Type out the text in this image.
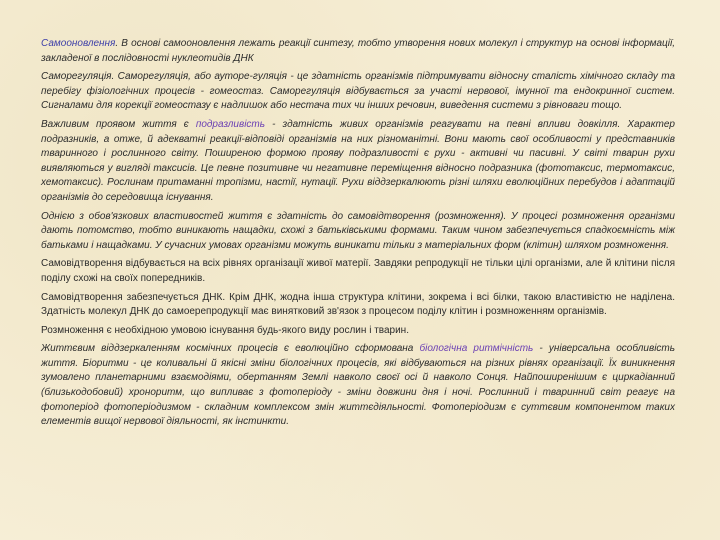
Самооновлення. В основі самооновлення лежать реакції синтезу, тобто утворення нових молекул і структур на основі інформації, закладеної в послідовності нуклеотидів ДНК

Саморегуляція. Саморегуляція, або ауторе-гуляція - це здатність організмів підтримувати відносну сталість хімічного складу та перебігу фізіологічних процесів - гомеостаз. Саморегуляція відбувається за участі нервової, імунної та ендокринної систем. Сигналами для корекції гомеостазу є надлишок або нестача тих чи інших речовин, виведення системи з рівноваги тощо.

Важливим проявом життя є подразливість - здатність живих організмів реагувати на певні впливи довкілля. Характер подразників, а отже, й адекватні реакції-відповіді організмів на них різноманітні. Вони мають свої особливості у представників тваринного і рослинного світу. Поширеною формою прояву подразливості є рухи - активні чи пасивні. У світі тварин рухи виявляються у вигляді таксисів. Це певне позитивне чи негативне переміщення відносно подразника (фототаксис, термотаксис, хемотаксис). Рослинам притаманні тропізми, настії, нутації. Рухи віддзеркалюють різні шляхи еволюційних перебудов і адаптацій організмів до середовища існування.

Однією з обов'язкових властивостей життя є здатність до самовідтворення (розмноження). У процесі розмноження організми дають потомство, тобто виникають нащадки, схожі з батьківськими формами. Таким чином забезпечується спадкоємність між батьками і нащадками. У сучасних умовах організми можуть виникати тільки з матеріальних форм (клітин) шляхом розмноження.

Самовідтворення відбувається на всіх рівнях організації живої матерії. Завдяки репродукції не тільки цілі організми, але й клітини після поділу схожі на своїх попередників.

Самовідтворення забезпечується ДНК. Крім ДНК, жодна інша структура клітини, зокрема і всі білки, такою властивістю не наділена. Здатність молекул ДНК до самоерепродукції має винятковий зв'язок з процесом поділу клітин і розмноженням організмів.

Розмноження є необхідною умовою існування будь-якого виду рослин і тварин.

Життєвим віддзеркаленням космічних процесів є еволюційно сформована біологічна ритмічність - універсальна особливість життя. Біоритми - це коливальні й якісні зміни біологічних процесів, які відбуваються на різних рівнях організації. Їх виникнення зумовлено планетарними взаємодіями, обертанням Землі навколо своєї осі й навколо Сонця. Найпоширенішим є циркадіанний (близькодобовий) хроноритм, що випливає з фотоперіоду - зміни довжини дня і ночі. Рослинний і тваринний світ реагує на фотоперіод фотоперіодизмом - складним комплексом змін життєдіяльності. Фотоперіодизм є суттєвим компонентом таких елементів вищої нервової діяльності, як інстинкти.
